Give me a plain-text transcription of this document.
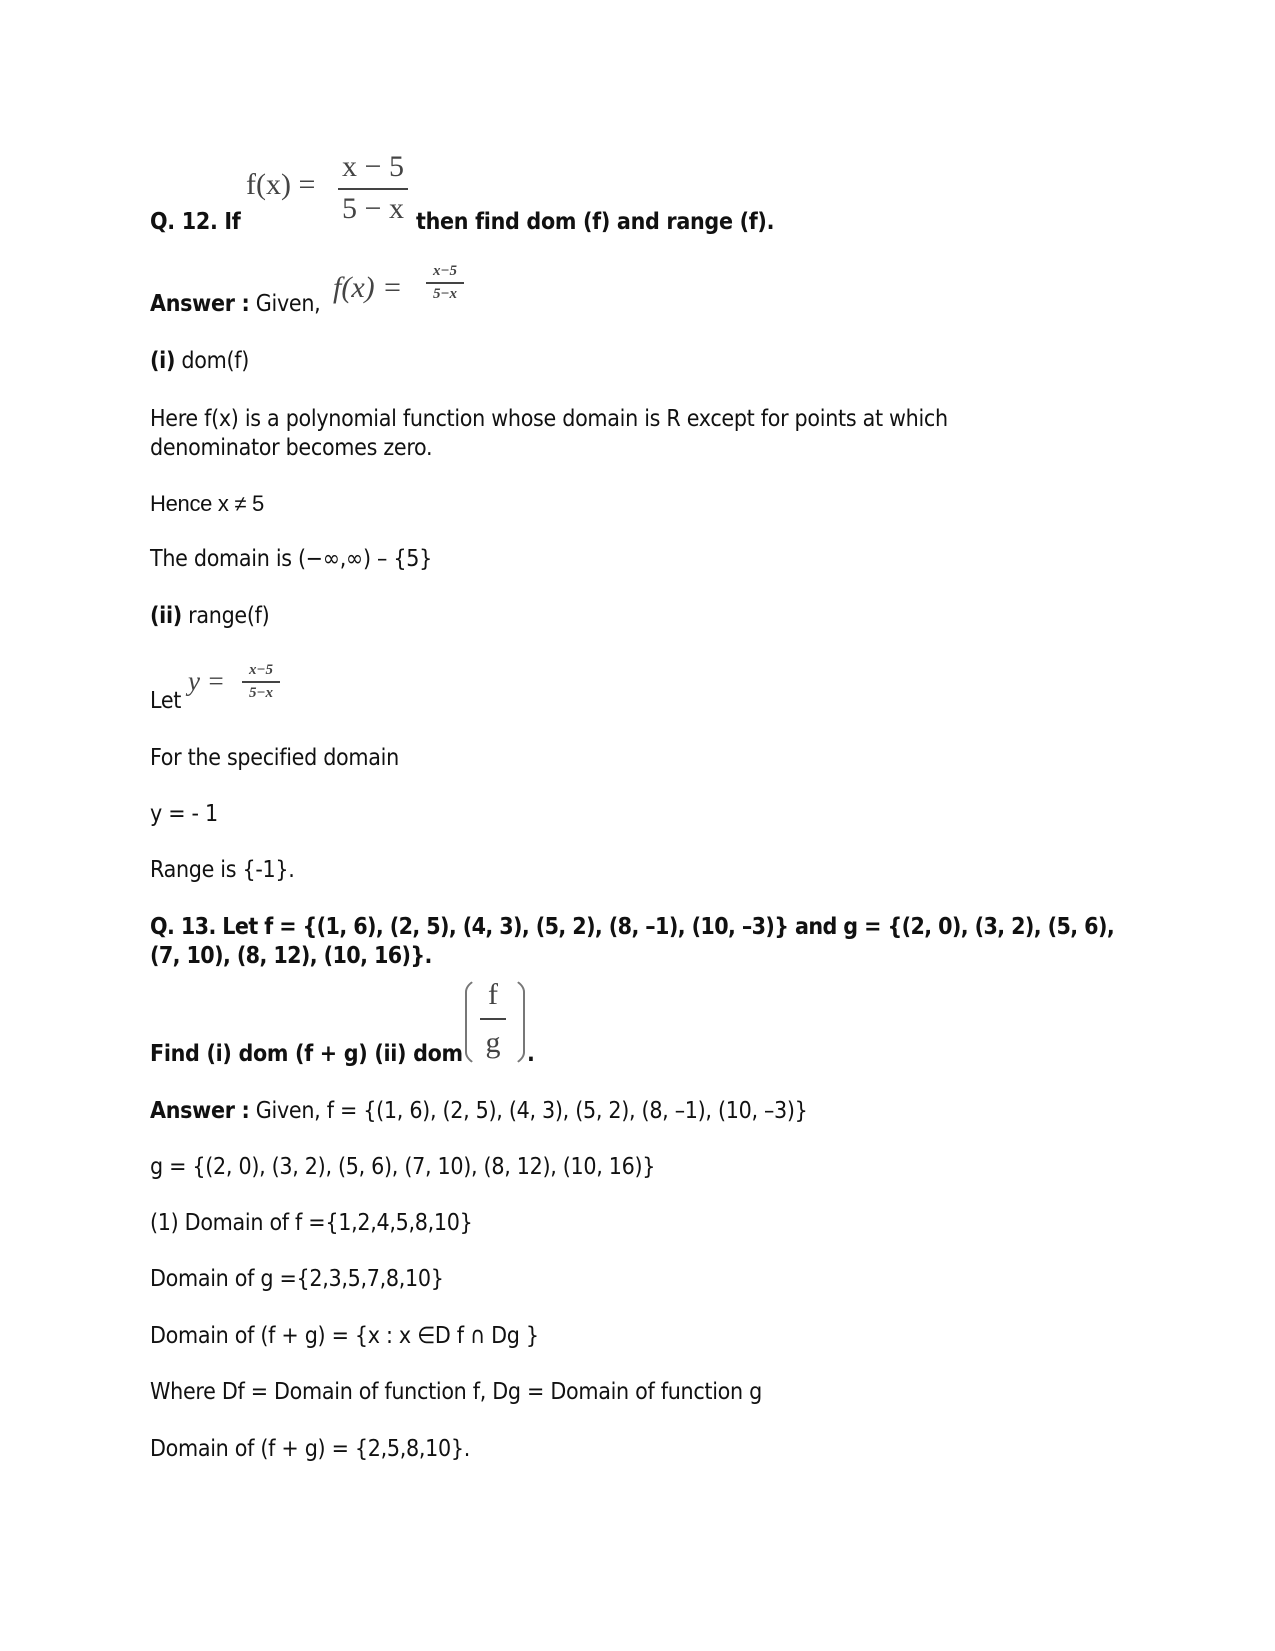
Q. 12. If
f(x) =
x − 5
5 − x then find dom (f) and range (f).
Answer : Given, f(x) = x−5
5−x
(i) dom(f)
Here f(x) is a polynomial function whose domain is R except for points at which
denominator becomes zero.
Hence x ≠ 5
The domain is (−∞,∞) – {5}
(ii) range(f)
Let
y = x−5
5−x
For the specified domain
y = - 1
Range is {-1}.
Q. 13. Let f = {(1, 6), (2, 5), (4, 3), (5, 2), (8, –1), (10, –3)} and g = {(2, 0), (3, 2), (5, 6),
(7, 10), (8, 12), (10, 16)}.
Find (i) dom (f + g) (ii) dom
f
g .
Answer : Given, f = {(1, 6), (2, 5), (4, 3), (5, 2), (8, –1), (10, –3)}
g = {(2, 0), (3, 2), (5, 6), (7, 10), (8, 12), (10, 16)}
(1) Domain of f ={1,2,4,5,8,10}
Domain of g ={2,3,5,7,8,10}
Domain of (f + g) = {x : x ∈D f ∩ Dg }
Where Df = Domain of function f, Dg = Domain of function g
Domain of (f + g) = {2,5,8,10}.
